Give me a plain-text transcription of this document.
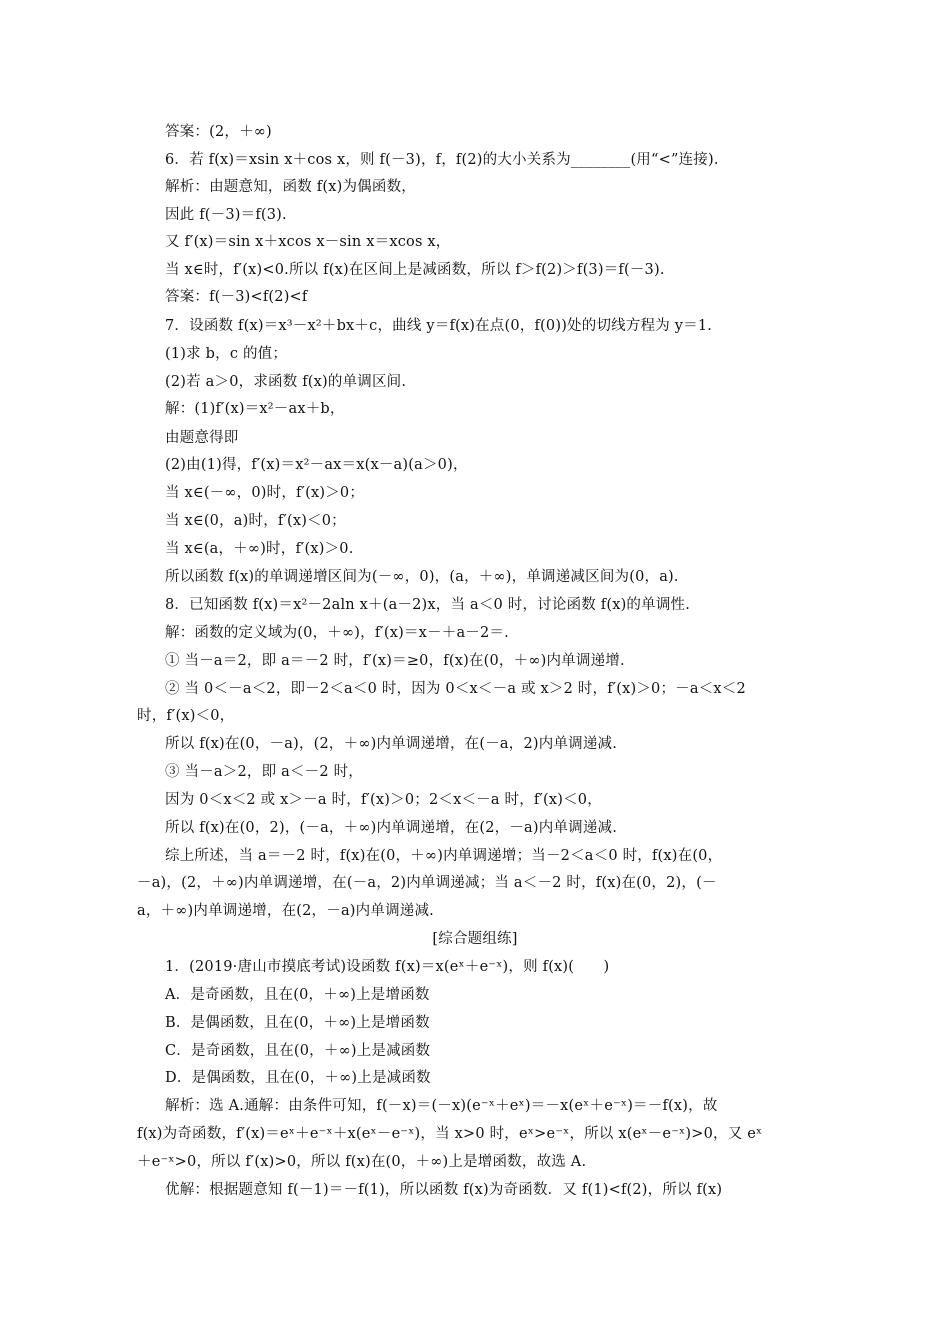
答案：(2，＋∞)
6．若 f(x)＝xsin x＋cos x，则 f(－3)，f，f(2)的大小关系为________(用“<”连接).
解析：由题意知，函数 f(x)为偶函数，
因此 f(－3)＝f(3).
又 f′(x)＝sin x＋xcos x－sin x＝xcos x，
当 x∈时，f′(x)<0.所以 f(x)在区间上是减函数，所以 f＞f(2)＞f(3)＝f(－3).
答案：f(－3)<f(2)<f
7．设函数 f(x)＝x³－x²＋bx＋c，曲线 y＝f(x)在点(0，f(0))处的切线方程为 y＝1.
(1)求 b，c 的值；
(2)若 a＞0，求函数 f(x)的单调区间.
解：(1)f′(x)＝x²－ax＋b，
由题意得即
(2)由(1)得，f′(x)＝x²－ax＝x(x－a)(a＞0)，
当 x∈(－∞，0)时，f′(x)＞0；
当 x∈(0，a)时，f′(x)＜0；
当 x∈(a，＋∞)时，f′(x)＞0.
所以函数 f(x)的单调递增区间为(－∞，0)，(a，＋∞)，单调递减区间为(0，a).
8．已知函数 f(x)＝x²－2aln x＋(a－2)x，当 a＜0 时，讨论函数 f(x)的单调性.
解：函数的定义域为(0，＋∞)，f′(x)＝x－＋a－2＝.
① 当－a＝2，即 a＝－2 时，f′(x)＝≥0，f(x)在(0，＋∞)内单调递增.
② 当 0＜－a＜2，即－2＜a＜0 时，因为 0＜x＜－a 或 x＞2 时，f′(x)＞0；－a＜x＜2
时，f′(x)＜0，
所以 f(x)在(0，－a)，(2，＋∞)内单调递增，在(－a，2)内单调递减.
③ 当－a＞2，即 a＜－2 时，
因为 0＜x＜2 或 x＞－a 时，f′(x)＞0；2＜x＜－a 时，f′(x)＜0，
所以 f(x)在(0，2)，(－a，＋∞)内单调递增，在(2，－a)内单调递减.
综上所述，当 a＝－2 时，f(x)在(0，＋∞)内单调递增；当－2＜a＜0 时，f(x)在(0，
－a)，(2，＋∞)内单调递增，在(－a，2)内单调递减；当 a＜－2 时，f(x)在(0，2)，(－
a，＋∞)内单调递增，在(2，－a)内单调递减.
[综合题组练]
1．(2019·唐山市摸底考试)设函数 f(x)＝x(eˣ＋e⁻ˣ)，则 f(x)(　　)
A．是奇函数，且在(0，＋∞)上是增函数
B．是偶函数，且在(0，＋∞)上是增函数
C．是奇函数，且在(0，＋∞)上是减函数
D．是偶函数，且在(0，＋∞)上是减函数
解析：选 A.通解：由条件可知，f(－x)＝(－x)(e⁻ˣ＋eˣ)＝－x(eˣ＋e⁻ˣ)＝－f(x)，故
f(x)为奇函数，f′(x)＝eˣ＋e⁻ˣ＋x(eˣ－e⁻ˣ)，当 x>0 时，eˣ>e⁻ˣ，所以 x(eˣ－e⁻ˣ)>0，又 eˣ
＋e⁻ˣ>0，所以 f′(x)>0，所以 f(x)在(0，＋∞)上是增函数，故选 A.
优解：根据题意知 f(－1)＝－f(1)，所以函数 f(x)为奇函数．又 f(1)<f(2)，所以 f(x)
